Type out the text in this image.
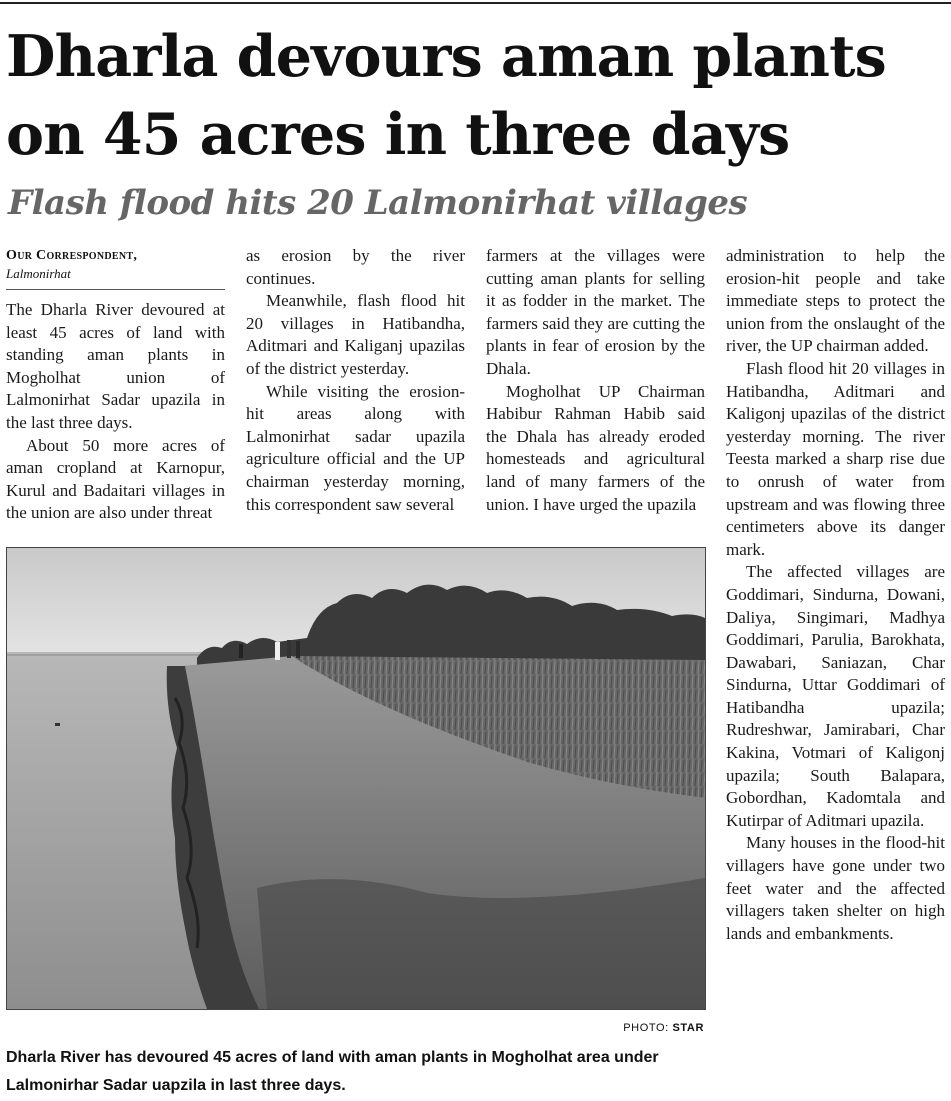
Dharla devours aman plants
on 45 acres in three days
Flash flood hits 20 Lalmonirhat villages
Our Correspondent,
Lalmonirhat

The Dharla River devoured at least 45 acres of land with standing aman plants in Mogholhat union of Lalmonirhat Sadar upazila in the last three days.

About 50 more acres of aman cropland at Karnopur, Kurul and Badaitari villages in the union are also under threat

as erosion by the river continues.

Meanwhile, flash flood hit 20 villages in Hatibandha, Aditmari and Kaliganj upazilas of the district yesterday.

While visiting the erosion-hit areas along with Lalmonirhat sadar upazila agriculture official and the UP chairman yesterday morning, this correspondent saw several

farmers at the villages were cutting aman plants for selling it as fodder in the market. The farmers said they are cutting the plants in fear of erosion by the Dhala.

Mogholhat UP Chairman Habibur Rahman Habib said the Dhala has already eroded homesteads and agricultural land of many farmers of the union. I have urged the upazila

administration to help the erosion-hit people and take immediate steps to protect the union from the onslaught of the river, the UP chairman added.

Flash flood hit 20 villages in Hatibandha, Aditmari and Kaligonj upazilas of the district yesterday morning. The river Teesta marked a sharp rise due to onrush of water from upstream and was flowing three centimeters above its danger mark.

The affected villages are Goddimari, Sindurna, Dowani, Daliya, Singimari, Madhya Goddimari, Parulia, Barokhata, Dawabari, Saniazan, Char Sindurna, Uttar Goddimari of Hatibandha upazila; Rudreshwar, Jamirabari, Char Kakina, Votmari of Kaligonj upazila; South Balapara, Gobordhan, Kadomtala and Kutirpar of Aditmari upazila.

Many houses in the flood-hit villagers have gone under two feet water and the affected villagers taken shelter on high lands and embankments.

PHOTO: STAR

Dharla River has devoured 45 acres of land with aman plants in Mogholhat area under Lalmonirhar Sadar uapzila in last three days.
